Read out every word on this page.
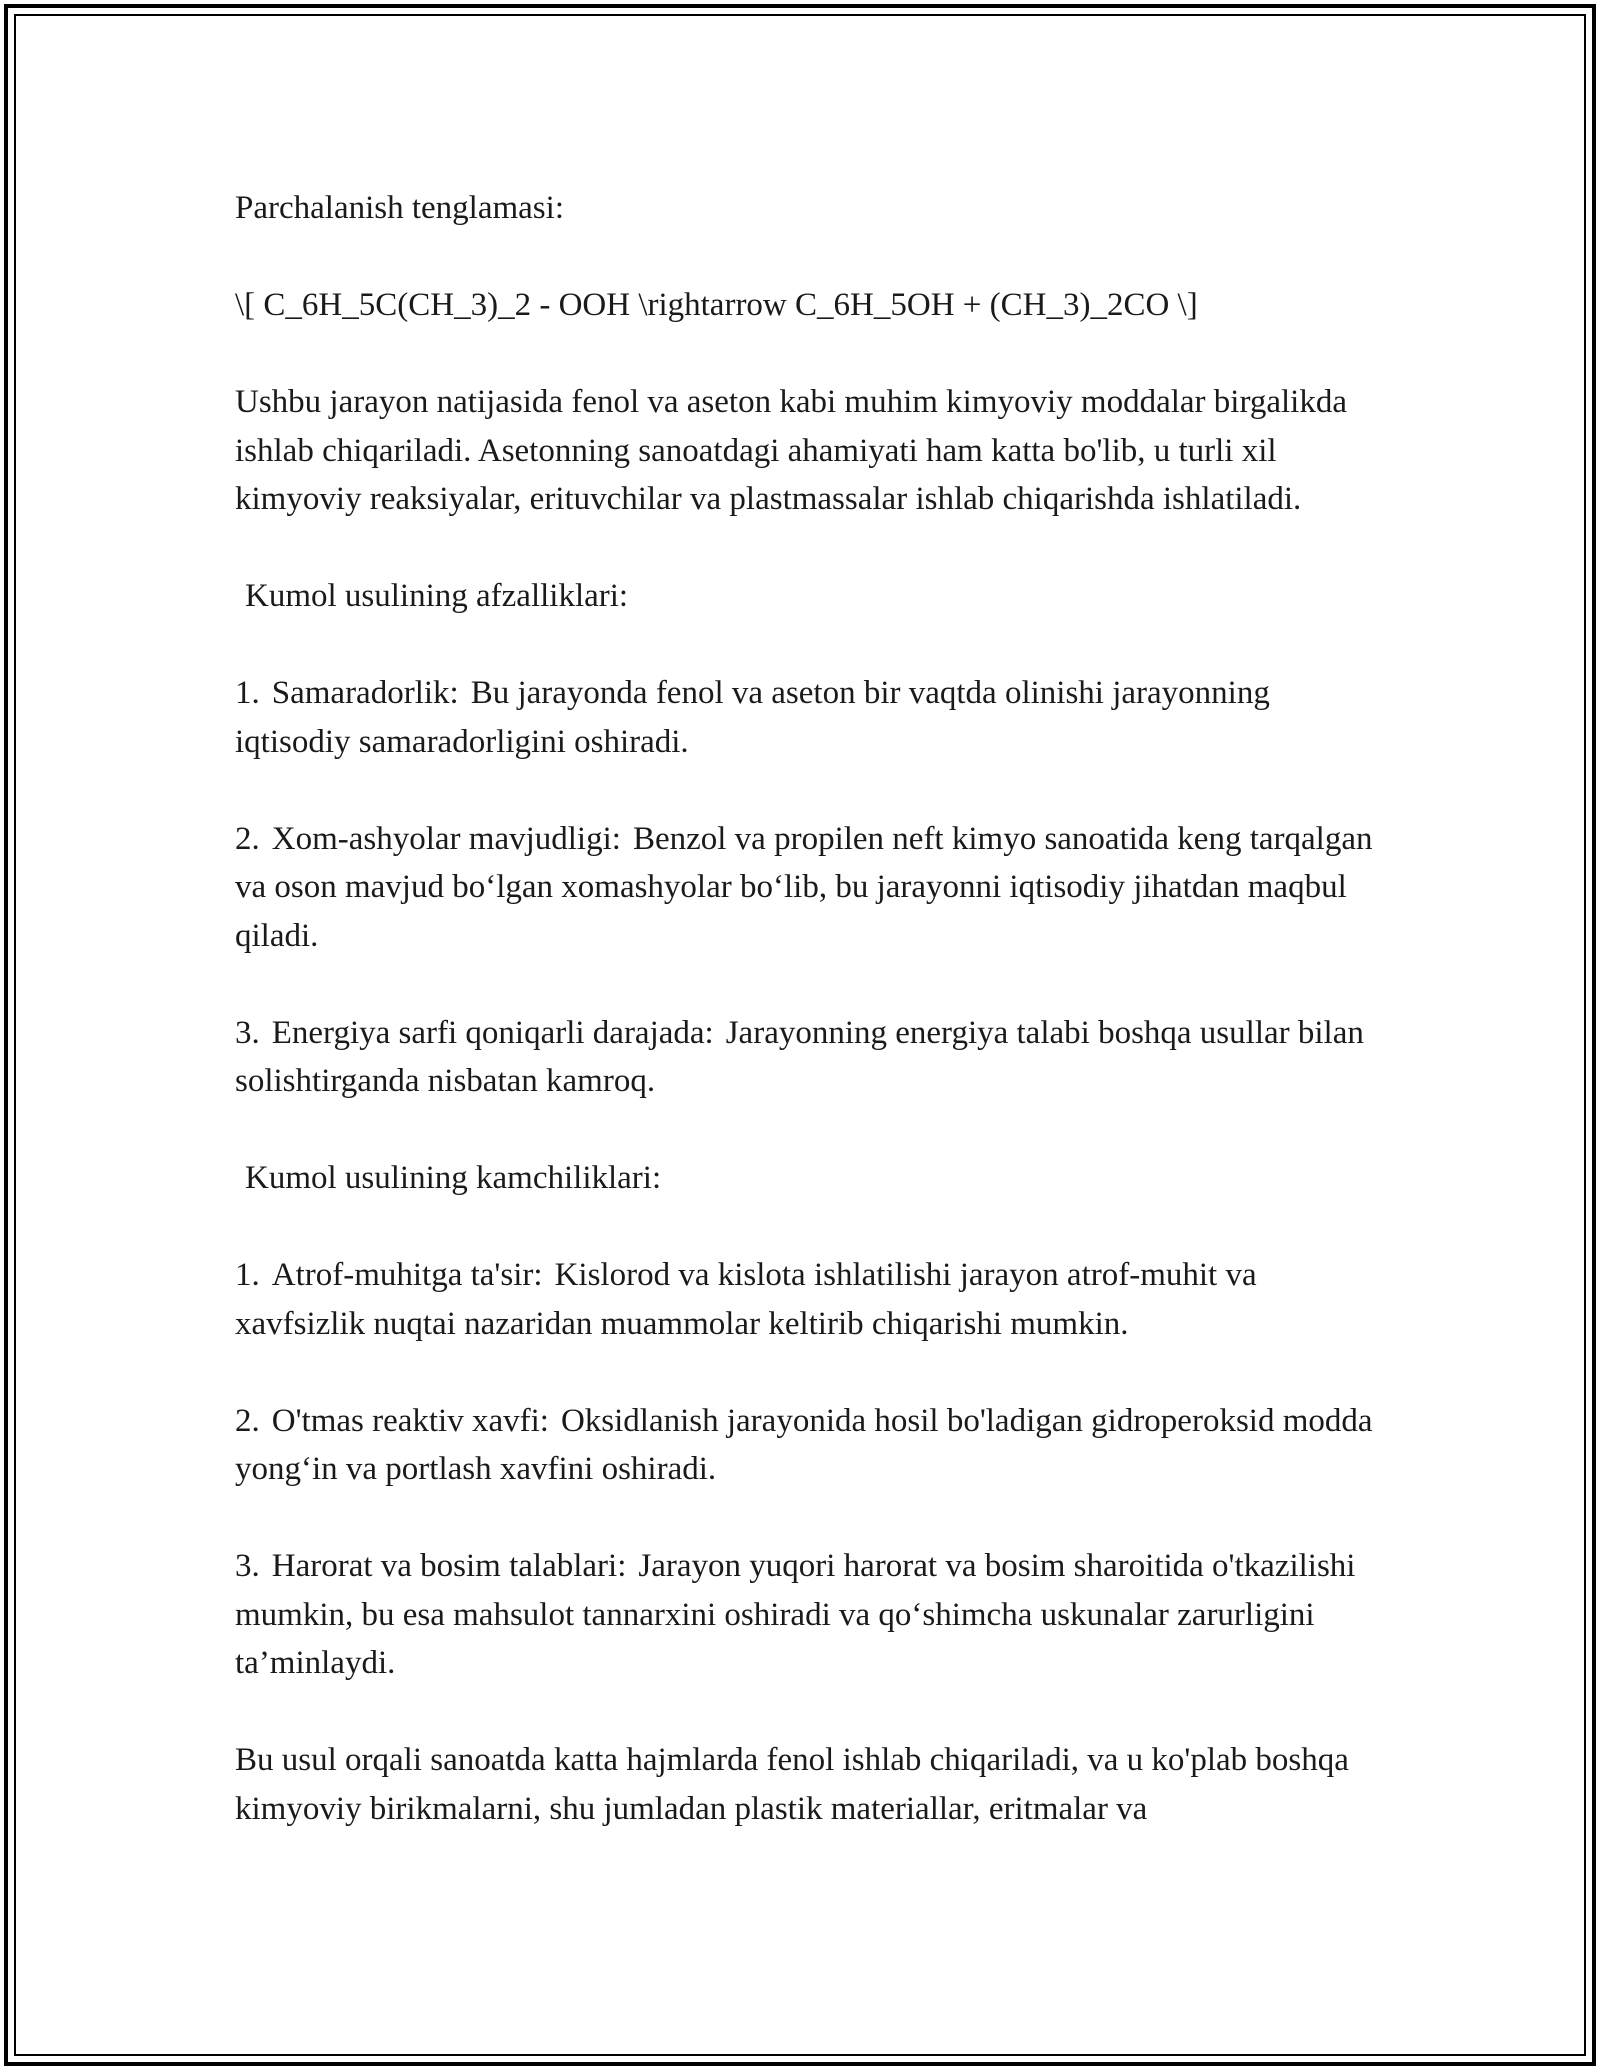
Parchalanish tenglamasi:

\[ C_6H_5C(CH_3)_2 - OOH \rightarrow C_6H_5OH + (CH_3)_2CO \]

Ushbu jarayon natijasida fenol va aseton kabi muhim kimyoviy moddalar birgalikda ishlab chiqariladi. Asetonning sanoatdagi ahamiyati ham katta bo'lib, u turli xil kimyoviy reaksiyalar, erituvchilar va plastmassalar ishlab chiqarishda ishlatiladi.

Kumol usulining afzalliklari:

1. Samaradorlik: Bu jarayonda fenol va aseton bir vaqtda olinishi jarayonning iqtisodiy samaradorligini oshiradi.

2. Xom-ashyolar mavjudligi: Benzol va propilen neft kimyo sanoatida keng tarqalgan va oson mavjud bo‘lgan xomashyolar bo‘lib, bu jarayonni iqtisodiy jihatdan maqbul qiladi.

3. Energiya sarfi qoniqarli darajada: Jarayonning energiya talabi boshqa usullar bilan solishtirganda nisbatan kamroq.

Kumol usulining kamchiliklari:

1. Atrof-muhitga ta'sir: Kislorod va kislota ishlatilishi jarayon atrof-muhit va xavfsizlik nuqtai nazaridan muammolar keltirib chiqarishi mumkin.

2. O'tmas reaktiv xavfi: Oksidlanish jarayonida hosil bo'ladigan gidroperoksid modda yong‘in va portlash xavfini oshiradi.

3. Harorat va bosim talablari: Jarayon yuqori harorat va bosim sharoitida o'tkazilishi mumkin, bu esa mahsulot tannarxini oshiradi va qo‘shimcha uskunalar zarurligini ta’minlaydi.

Bu usul orqali sanoatda katta hajmlarda fenol ishlab chiqariladi, va u ko'plab boshqa kimyoviy birikmalarni, shu jumladan plastik materiallar, eritmalar va
